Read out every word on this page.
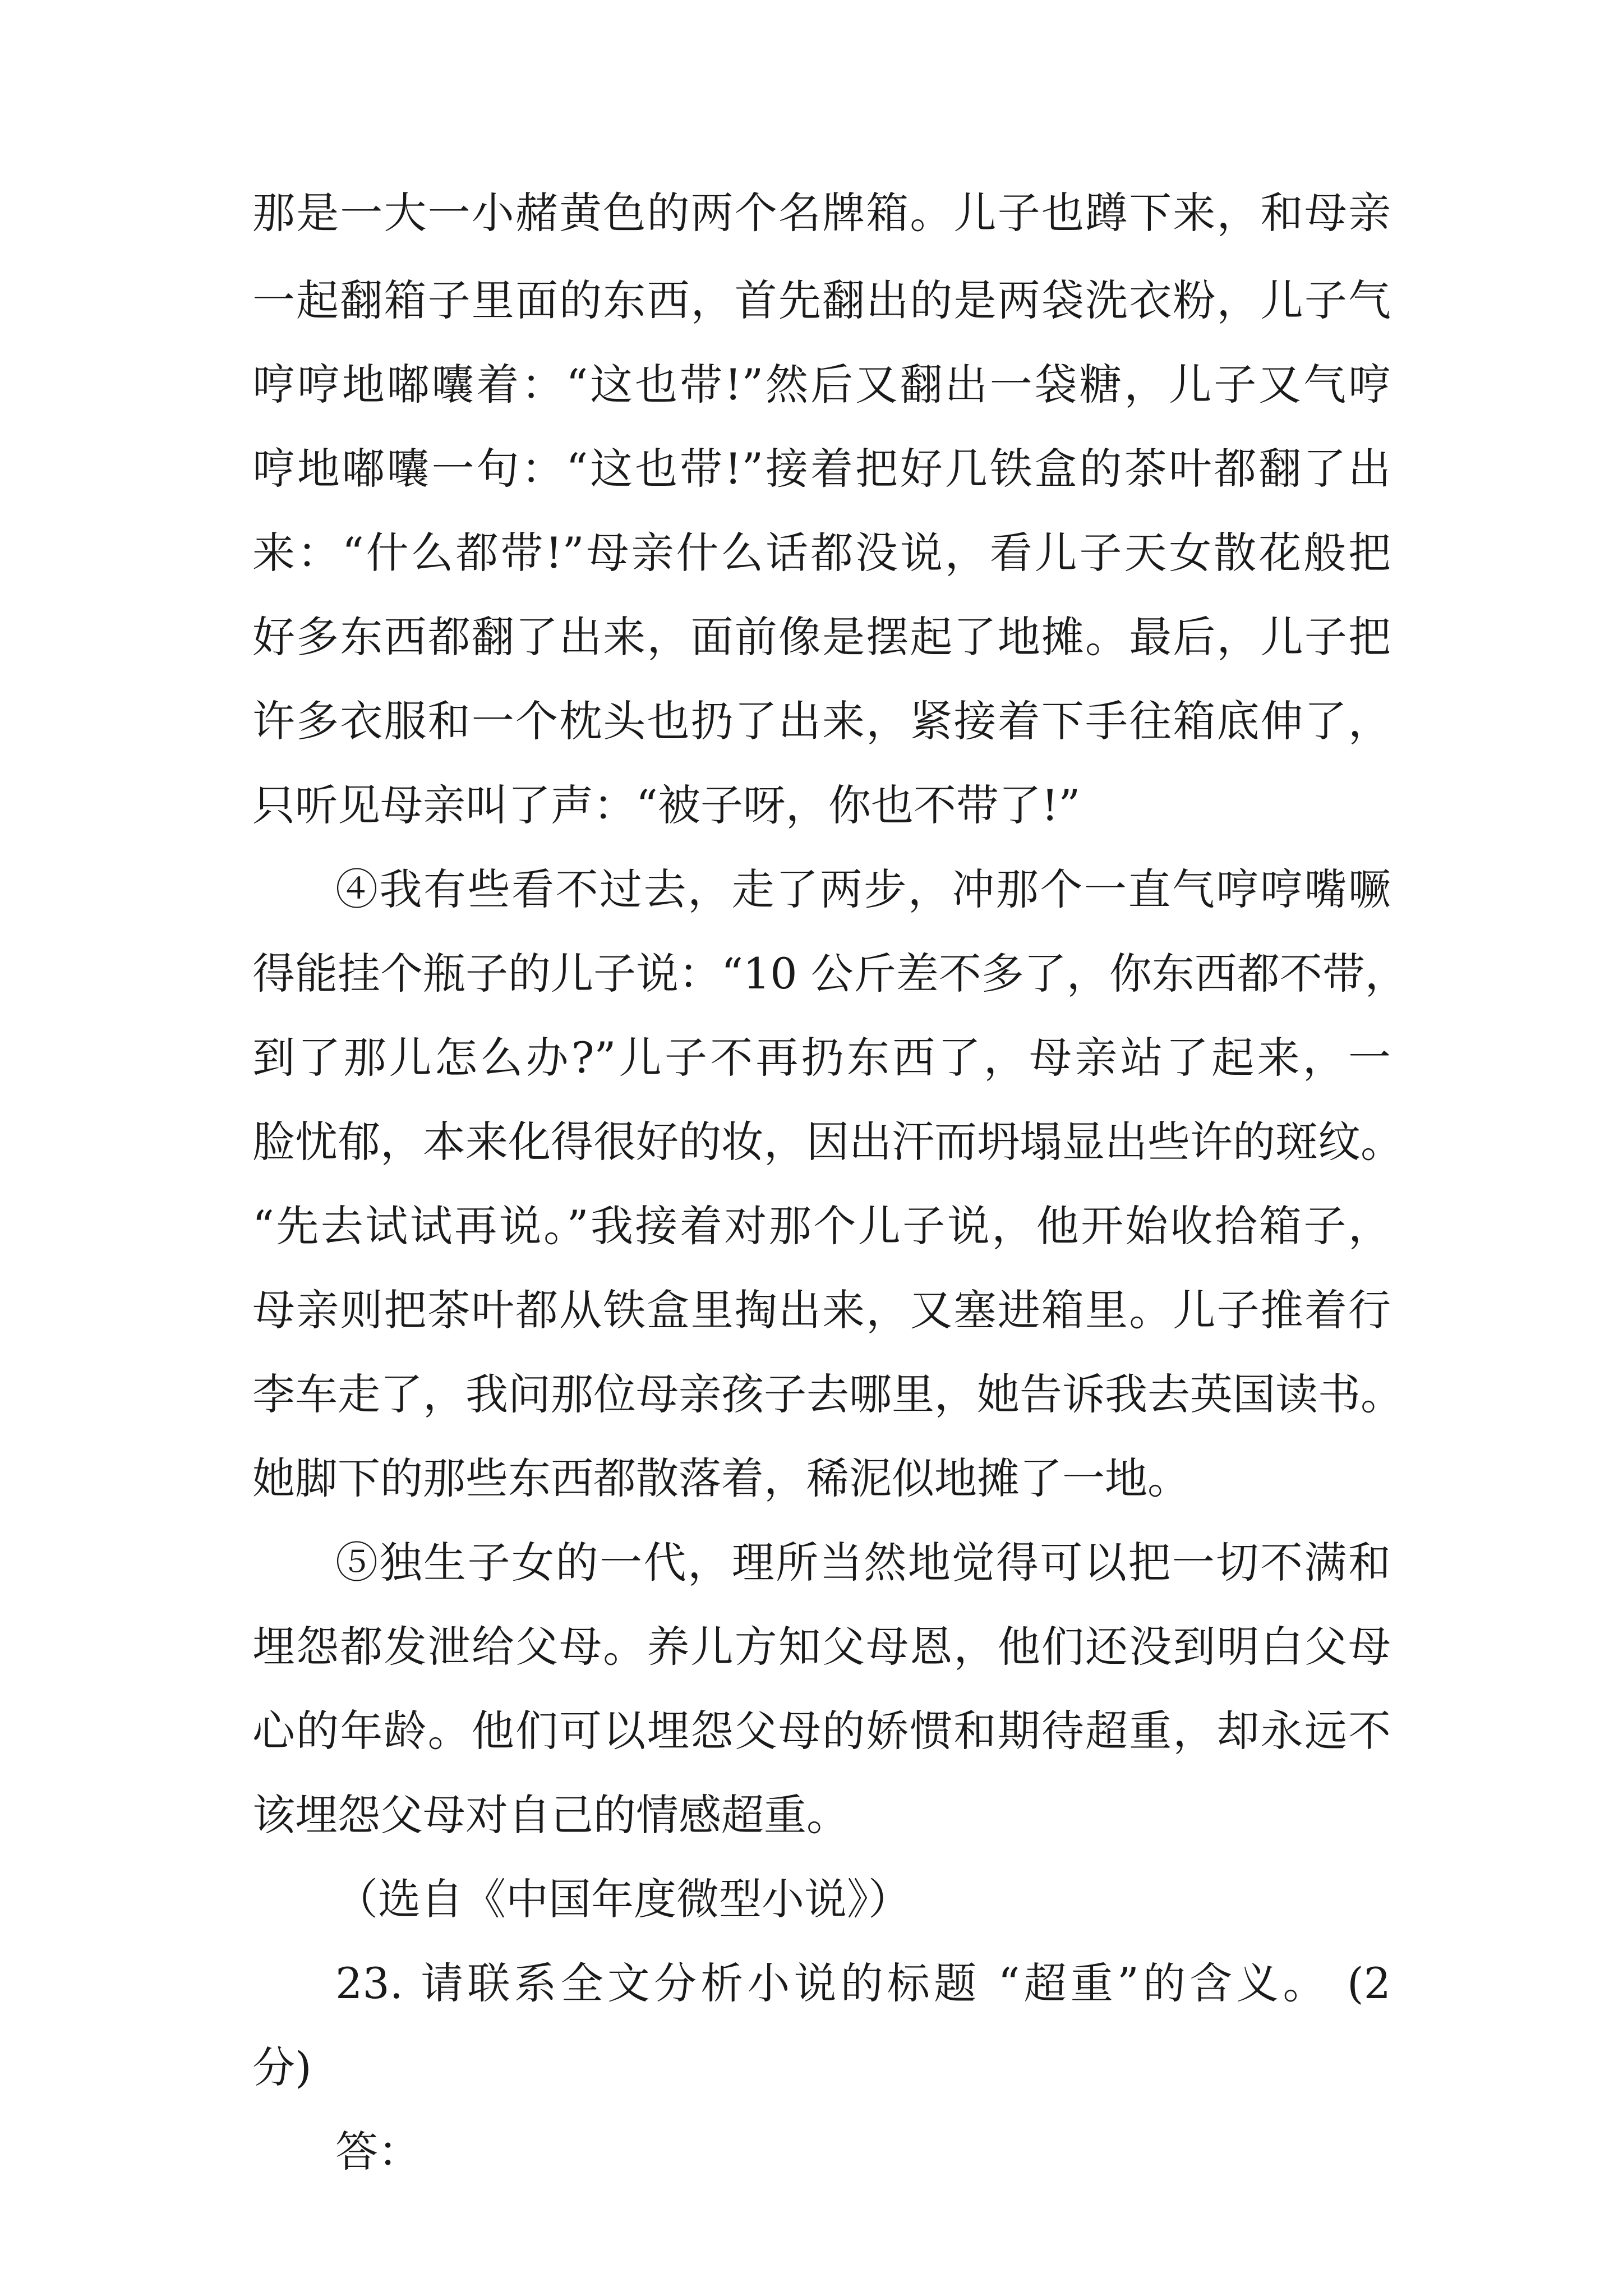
那是一大一小赭黄色的两个名牌箱。儿子也蹲下来，和母亲

一起翻箱子里面的东西，首先翻出的是两袋洗衣粉，儿子气

哼哼地嘟囔着：“这也带!”然后又翻出一袋糖，儿子又气哼

哼地嘟囔一句：“这也带!”接着把好几铁盒的茶叶都翻了出

来：“什么都带!”母亲什么话都没说，看儿子天女散花般把

好多东西都翻了出来，面前像是摆起了地摊。最后，儿子把

许多衣服和一个枕头也扔了出来，紧接着下手往箱底伸了，

只听见母亲叫了声：“被子呀，你也不带了!”

④我有些看不过去，走了两步，冲那个一直气哼哼嘴噘

得能挂个瓶子的儿子说：“10 公斤差不多了，你东西都不带，

到了那儿怎么办?”儿子不再扔东西了，母亲站了起来，一

脸忧郁，本来化得很好的妆，因出汗而坍塌显出些许的斑纹。

“先去试试再说。”我接着对那个儿子说，他开始收拾箱子，

母亲则把茶叶都从铁盒里掏出来，又塞进箱里。儿子推着行

李车走了，我问那位母亲孩子去哪里，她告诉我去英国读书。

她脚下的那些东西都散落着，稀泥似地摊了一地。

⑤独生子女的一代，理所当然地觉得可以把一切不满和

埋怨都发泄给父母。养儿方知父母恩，他们还没到明白父母

心的年龄。他们可以埋怨父母的娇惯和期待超重，却永远不

该埋怨父母对自己的情感超重。

（选自《中国年度微型小说》）

23. 请联系全文分析小说的标题 “超重”的含义。 (2

分)

答：
